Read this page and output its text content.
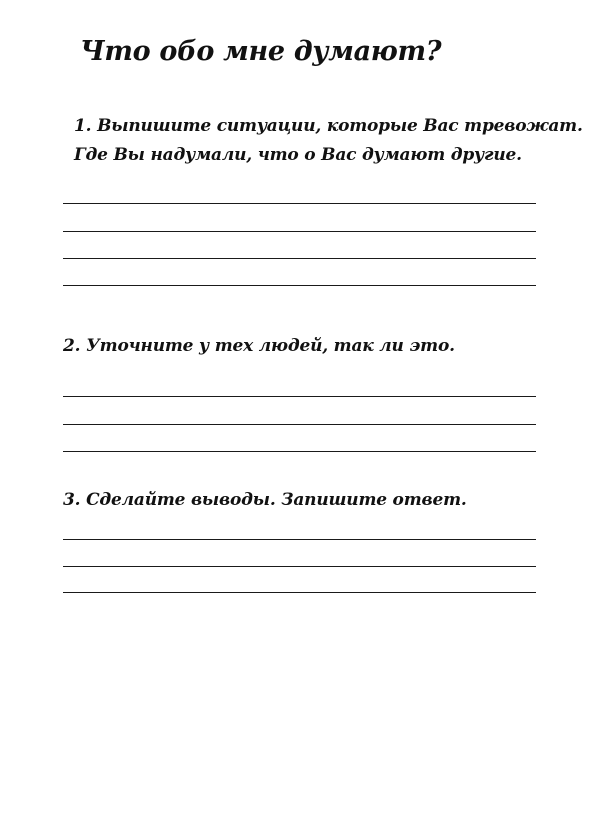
Что обо мне думают?
1. Выпишите ситуации, которые Вас тревожат.
Где Вы надумали, что о Вас думают другие.
2. Уточните у тех людей, так ли это.
3. Сделайте выводы. Запишите ответ.
